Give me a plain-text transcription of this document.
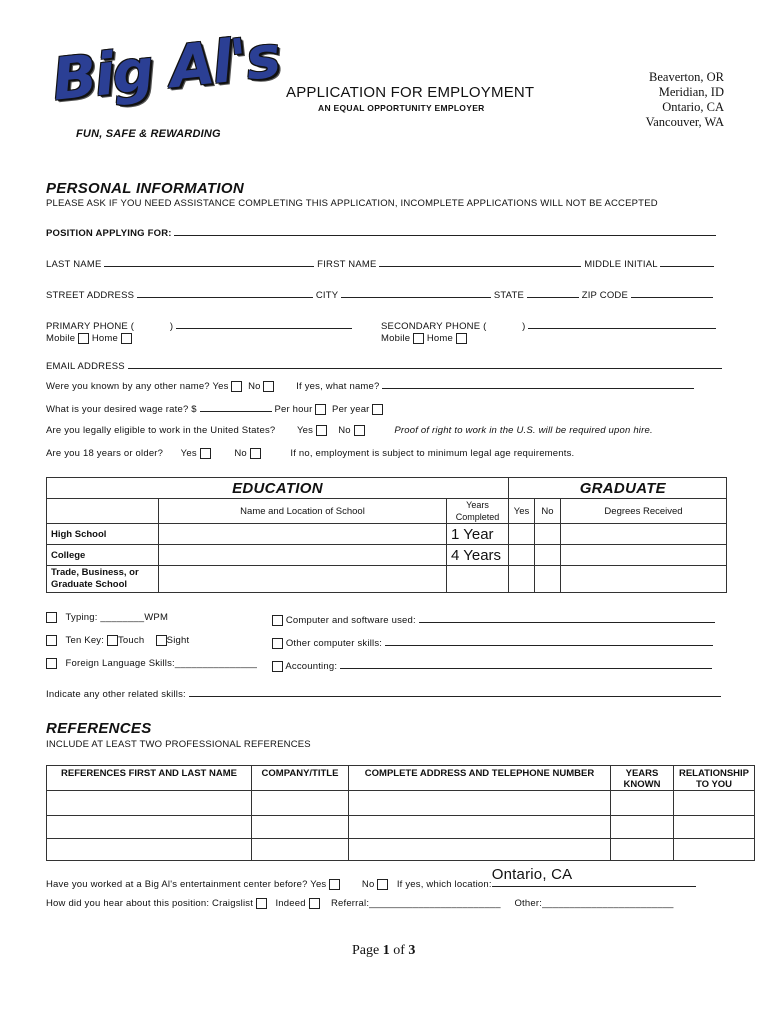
Big Al's
FUN, SAFE & REWARDING
APPLICATION FOR EMPLOYMENT
AN EQUAL OPPORTUNITY EMPLOYER
Beaverton, OR
Meridian, ID
Ontario, CA
Vancouver, WA
PERSONAL INFORMATION
PLEASE ASK IF YOU NEED ASSISTANCE COMPLETING THIS APPLICATION, INCOMPLETE APPLICATIONS WILL NOT BE ACCEPTED
POSITION APPLYING FOR:
LAST NAME	FIRST NAME	MIDDLE INITIAL
STREET ADDRESS	CITY	STATE	ZIP CODE
PRIMARY PHONE (	)
Mobile Home
SECONDARY PHONE (	)
Mobile Home
EMAIL ADDRESS
Were you known by any other name? Yes No	If yes, what name?
What is your desired wage rate? $	Per hour Per year
Are you legally eligible to work in the United States? Yes	No	Proof of right to work in the U.S. will be required upon hire.
Are you 18 years or older? Yes	No	If no, employment is subject to minimum legal age requirements.
EDUCATION			GRADUATE		
	Name and Location of School	Years Completed	Yes	No	Degrees Received
High School		1 Year			
College		4 Years			
Trade, Business, or Graduate School					
Typing: ________WPM
Ten Key: Touch Sight
Foreign Language Skills:_______________
Computer and software used:
Other computer skills:
Accounting:
Indicate any other related skills:
REFERENCES
INCLUDE AT LEAST TWO PROFESSIONAL REFERENCES
REFERENCES FIRST AND LAST NAME	COMPANY/TITLE	COMPLETE ADDRESS AND TELEPHONE NUMBER	YEARS KNOWN	RELATIONSHIP TO YOU

Have you worked at a Big Al's entertainment center before? Yes	No If yes, which location:
Ontario, CA
How did you hear about this position: Craigslist Indeed	Referral:________________________ Other:________________________
Page 1 of 3
